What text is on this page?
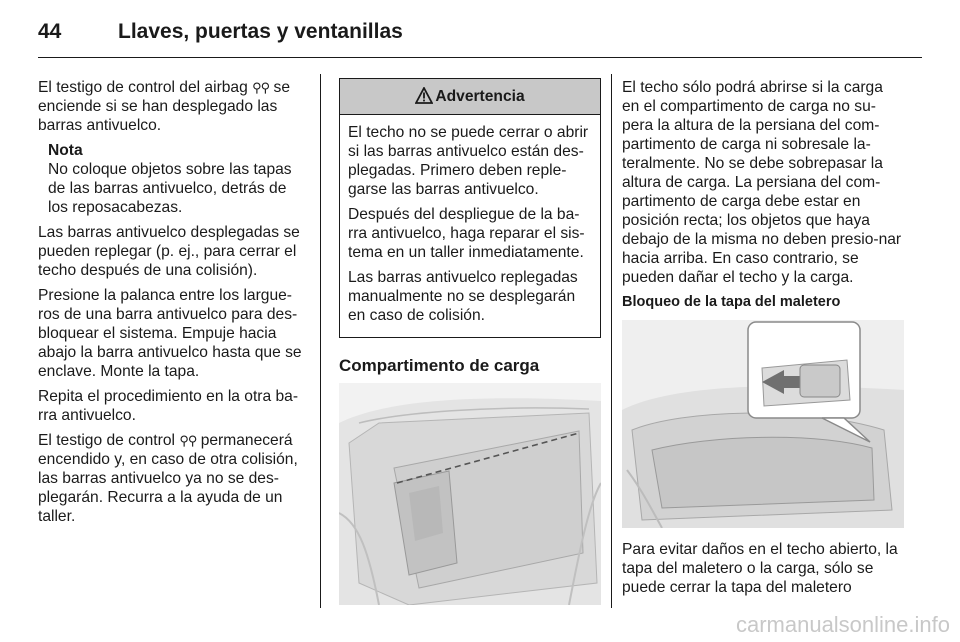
44	Llaves, puertas y ventanillas

El testigo de control del airbag ⚲⚲ se enciende si se han desplegado las barras antivuelco.

Nota
No coloque objetos sobre las tapas de las barras antivuelco, detrás de los reposacabezas.

Las barras antivuelco desplegadas se pueden replegar (p. ej., para cerrar el techo después de una colisión).

Presione la palanca entre los largue-ros de una barra antivuelco para des-bloquear el sistema. Empuje hacia abajo la barra antivuelco hasta que se enclave. Monte la tapa.

Repita el procedimiento en la otra ba-rra antivuelco.

El testigo de control ⚲⚲ permanecerá encendido y, en caso de otra colisión, las barras antivuelco ya no se des-plegarán. Recurra a la ayuda de un taller.

Advertencia

El techo no se puede cerrar o abrir si las barras antivuelco están des-plegadas. Primero deben reple-garse las barras antivuelco.

Después del despliegue de la ba-rra antivuelco, haga reparar el sis-tema en un taller inmediatamente.

Las barras antivuelco replegadas manualmente no se desplegarán en caso de colisión.

Compartimento de carga

El techo sólo podrá abrirse si la carga en el compartimento de carga no su-pera la altura de la persiana del com-partimento de carga ni sobresale la-teralmente. No se debe sobrepasar la altura de carga. La persiana del com-partimento de carga debe estar en posición recta; los objetos que haya debajo de la misma no deben presio-nar hacia arriba. En caso contrario, se pueden dañar el techo y la carga.

Bloqueo de la tapa del maletero

Para evitar daños en el techo abierto, la tapa del maletero o la carga, sólo se puede cerrar la tapa del maletero

carmanualsonline.info
